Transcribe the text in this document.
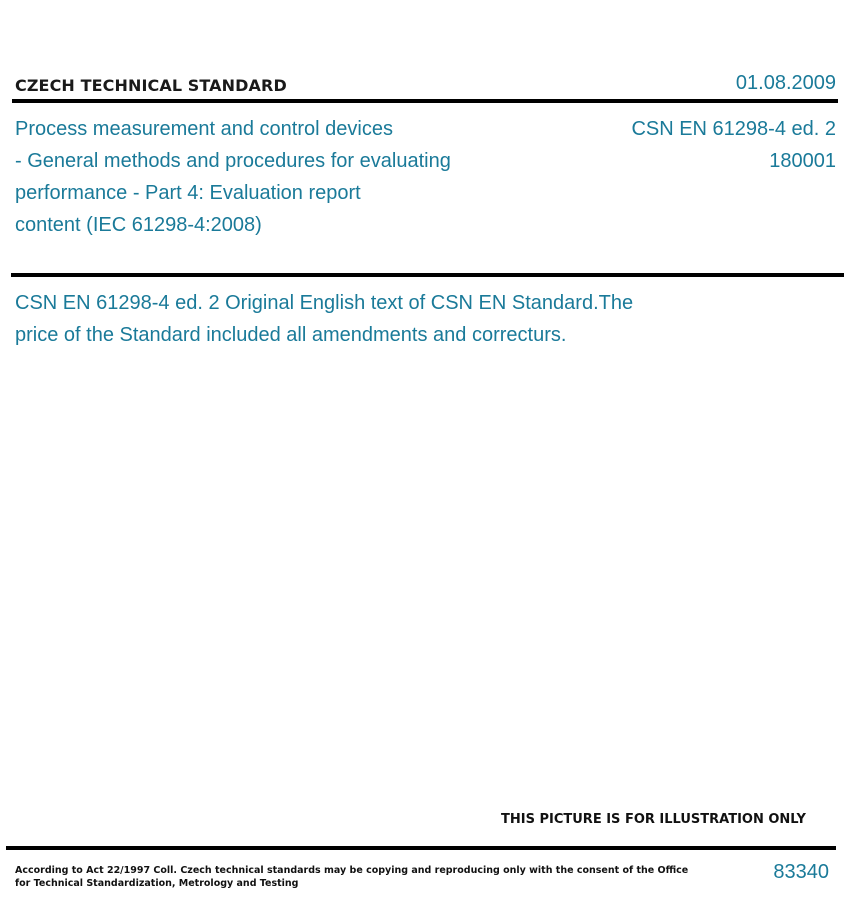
CZECH TECHNICAL STANDARD	01.08.2009
Process measurement and control devices
- General methods and procedures for evaluating
performance - Part 4: Evaluation report
content (IEC 61298-4:2008)
CSN EN 61298-4 ed. 2
180001
CSN EN 61298-4 ed. 2 Original English text of CSN EN Standard.The
price of the Standard included all amendments and correcturs.
THIS PICTURE IS FOR ILLUSTRATION ONLY
According to Act 22/1997 Coll. Czech technical standards may be copying and reproducing only with the consent of the Office
for Technical Standardization, Metrology and Testing
83340
